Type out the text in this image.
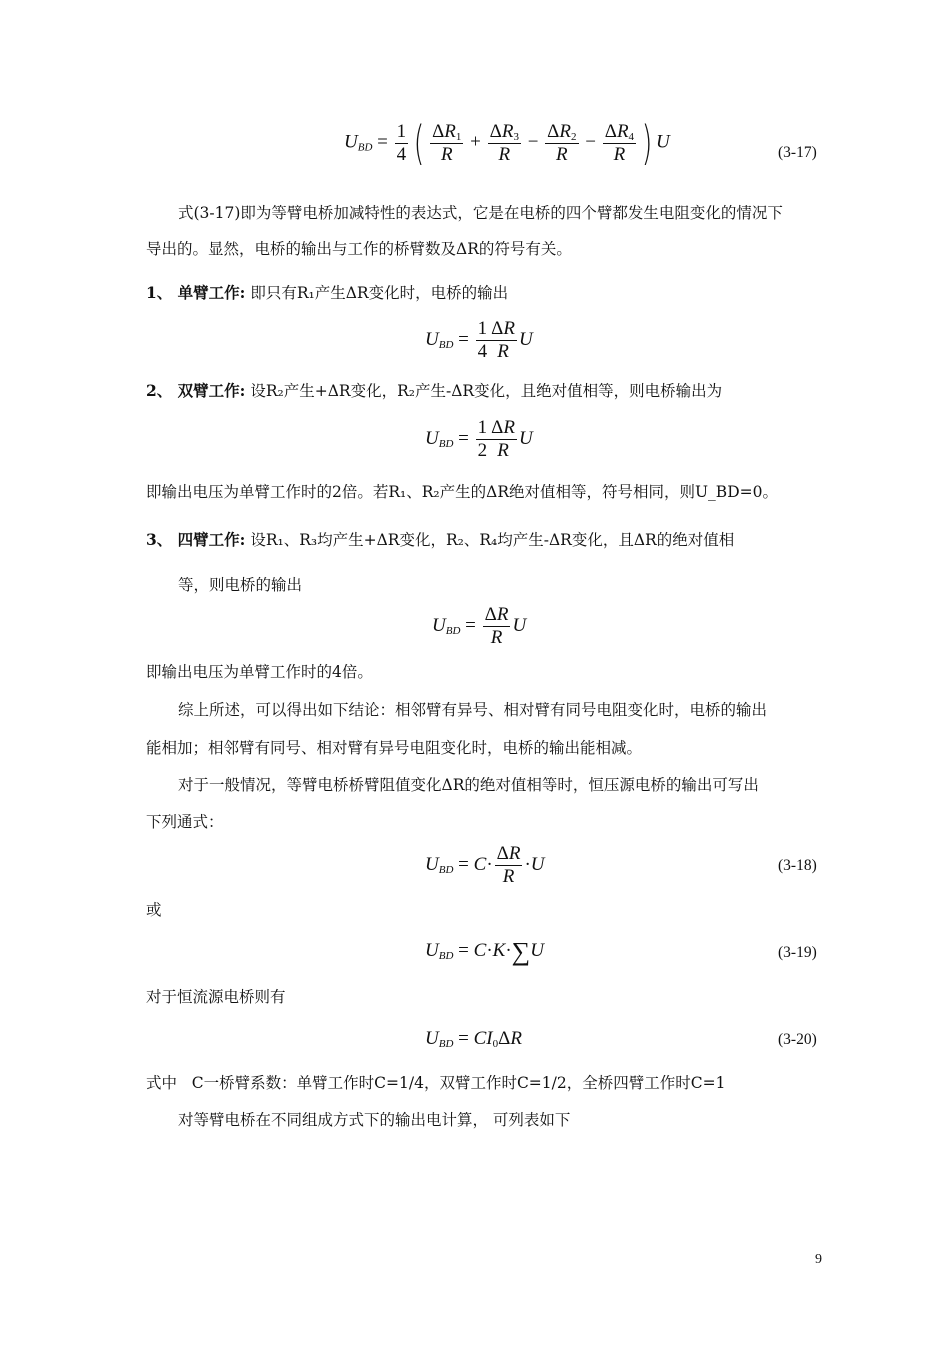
$U_{BD} = \frac{1}{4}$ ( $\frac{\Delta R_1}{R} + \frac{\Delta R_3}{R} - \frac{\Delta R_2}{R} - \frac{\Delta R_4}{R}$ ) U
(3-17)
式(3-17)即为等臂电桥加减特性的表达式，它是在电桥的四个臂都发生电阻变化的情况下
导出的。显然，电桥的输出与工作的桥臂数及ΔR的符号有关。
1、 单臂工作: 即只有R₁产生ΔR变化时，电桥的输出
$U_{BD} = \frac{1}{4} \frac{\Delta R}{R}$ U
2、 双臂工作: 设R₂产生+ΔR变化，R₂产生-ΔR变化，且绝对值相等，则电桥输出为
$U_{BD} = \frac{1}{2} \frac{\Delta R}{R}$ U
即输出电压为单臂工作时的2倍。若R₁、R₂产生的ΔR绝对值相等，符号相同，则U_BD=0。
3、 四臂工作: 设R₁、R₃均产生+ΔR变化，R₂、R₄均产生-ΔR变化，且ΔR的绝对值相
等，则电桥的输出
$U_{BD} = \frac{\Delta R}{R}$ U
即输出电压为单臂工作时的4倍。
综上所述，可以得出如下结论：相邻臂有异号、相对臂有同号电阻变化时，电桥的输出
能相加；相邻臂有同号、相对臂有异号电阻变化时，电桥的输出能相减。
对于一般情况，等臂电桥桥臂阻值变化ΔR的绝对值相等时，恒压源电桥的输出可写出
下列通式：
$U_{BD} = C\cdot \frac{\Delta R}{R} \cdot U$	(3-18)
或
$U_{BD} = C\cdot K\cdot\sum U$	(3-19)
对于恒流源电桥则有
$U_{BD} = CI_0\Delta R$	(3-20)
式中 C一桥臂系数：单臂工作时C=1/4，双臂工作时C=1/2，全桥四臂工作时C=1
对等臂电桥在不同组成方式下的输出电计算， 可列表如下
9
